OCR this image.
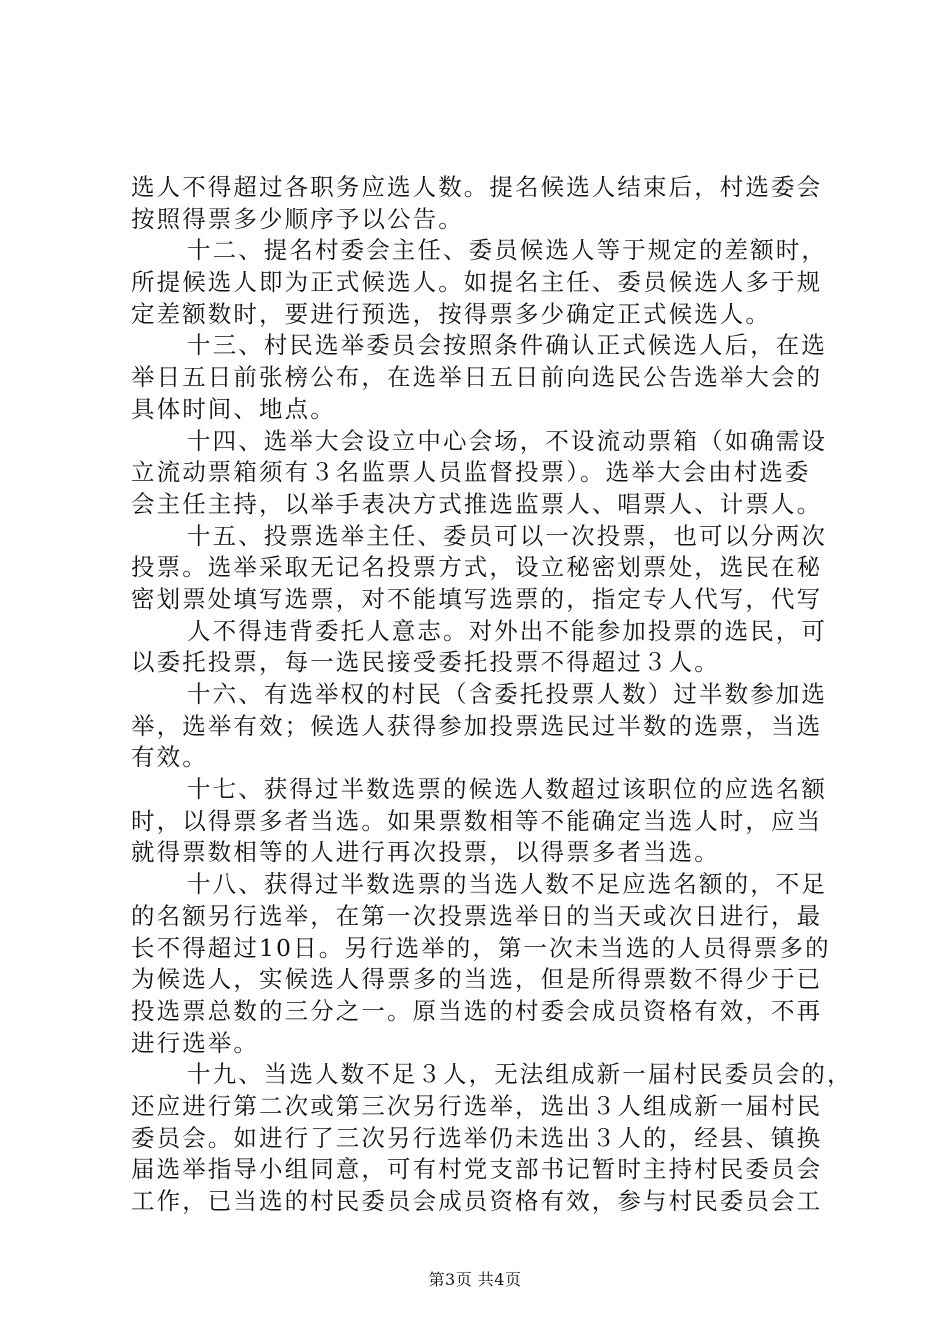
选人不得超过各职务应选人数。提名候选人结束后，村选委会
按照得票多少顺序予以公告。
十二、提名村委会主任、委员候选人等于规定的差额时，
所提候选人即为正式候选人。如提名主任、委员候选人多于规
定差额数时，要进行预选，按得票多少确定正式候选人。
十三、村民选举委员会按照条件确认正式候选人后，在选
举日五日前张榜公布，在选举日五日前向选民公告选举大会的
具体时间、地点。
十四、选举大会设立中心会场，不设流动票箱（如确需设
立流动票箱须有３名监票人员监督投票）。选举大会由村选委
会主任主持，以举手表决方式推选监票人、唱票人、计票人。
十五、投票选举主任、委员可以一次投票，也可以分两次
投票。选举采取无记名投票方式，设立秘密划票处，选民在秘
密划票处填写选票，对不能填写选票的，指定专人代写，代写
人不得违背委托人意志。对外出不能参加投票的选民，可
以委托投票，每一选民接受委托投票不得超过３人。
十六、有选举权的村民（含委托投票人数）过半数参加选
举，选举有效；候选人获得参加投票选民过半数的选票，当选
有效。
十七、获得过半数选票的候选人数超过该职位的应选名额
时，以得票多者当选。如果票数相等不能确定当选人时，应当
就得票数相等的人进行再次投票，以得票多者当选。
十八、获得过半数选票的当选人数不足应选名额的，不足
的名额另行选举，在第一次投票选举日的当天或次日进行，最
长不得超过10日。另行选举的，第一次未当选的人员得票多的
为候选人，实候选人得票多的当选，但是所得票数不得少于已
投选票总数的三分之一。原当选的村委会成员资格有效，不再
进行选举。
十九、当选人数不足３人，无法组成新一届村民委员会的，
还应进行第二次或第三次另行选举，选出３人组成新一届村民
委员会。如进行了三次另行选举仍未选出３人的，经县、镇换
届选举指导小组同意，可有村党支部书记暂时主持村民委员会
工作，已当选的村民委员会成员资格有效，参与村民委员会工
第3页 共4页
